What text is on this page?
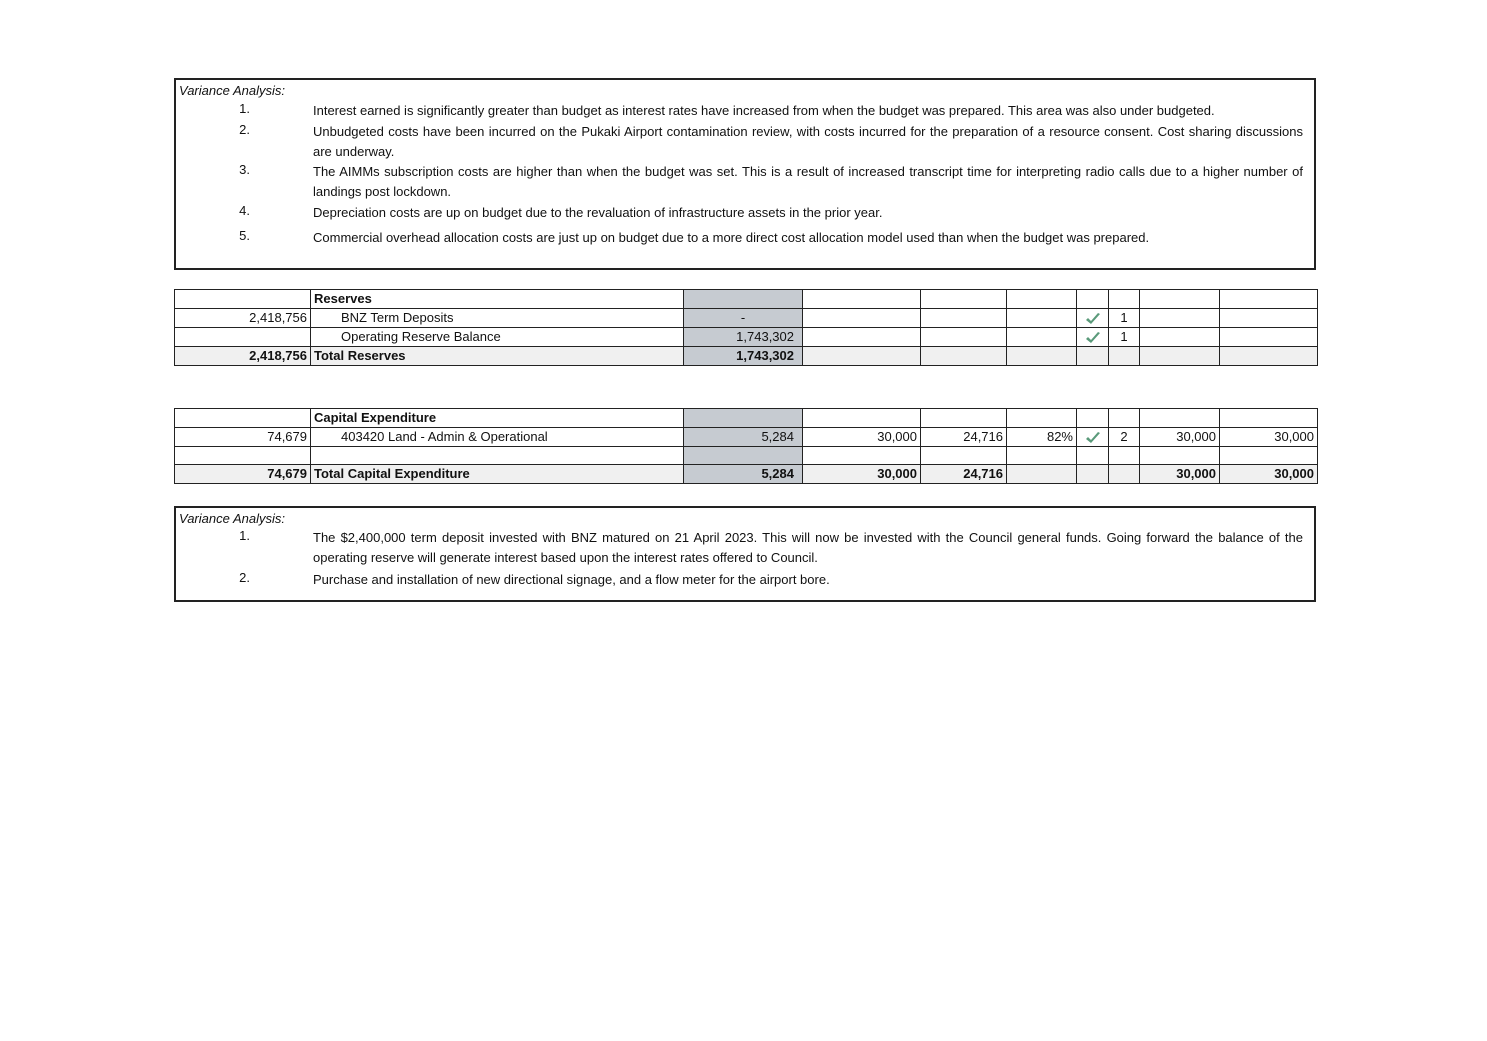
Variance Analysis:
1.	Interest earned is significantly greater than budget as interest rates have increased from when the budget was prepared. This area was also under budgeted.
2.	Unbudgeted costs have been incurred on the Pukaki Airport contamination review, with costs incurred for the preparation of a resource consent. Cost sharing discussions are underway.
3.	The AIMMs subscription costs are higher than when the budget was set. This is a result of increased transcript time for interpreting radio calls due to a higher number of landings post lockdown.
4.	Depreciation costs are up on budget due to the revaluation of infrastructure assets in the prior year.
5.	Commercial overhead allocation costs are just up on budget due to a more direct cost allocation model used than when the budget was prepared.
	Reserves								
2,418,756	BNZ Term Deposits	-					1		
	Operating Reserve Balance	1,743,302					1		
2,418,756	Total Reserves	1,743,302							
	Capital Expenditure								
74,679	403420 Land - Admin & Operational	5,284	30,000	24,716	82%		2	30,000	30,000

74,679	Total Capital Expenditure	5,284	30,000	24,716				30,000	30,000
Variance Analysis:
1.	The $2,400,000 term deposit invested with BNZ matured on 21 April 2023. This will now be invested with the Council general funds. Going forward the balance of the operating reserve will generate interest based upon the interest rates offered to Council.
2.	Purchase and installation of new directional signage, and a flow meter for the airport bore.
